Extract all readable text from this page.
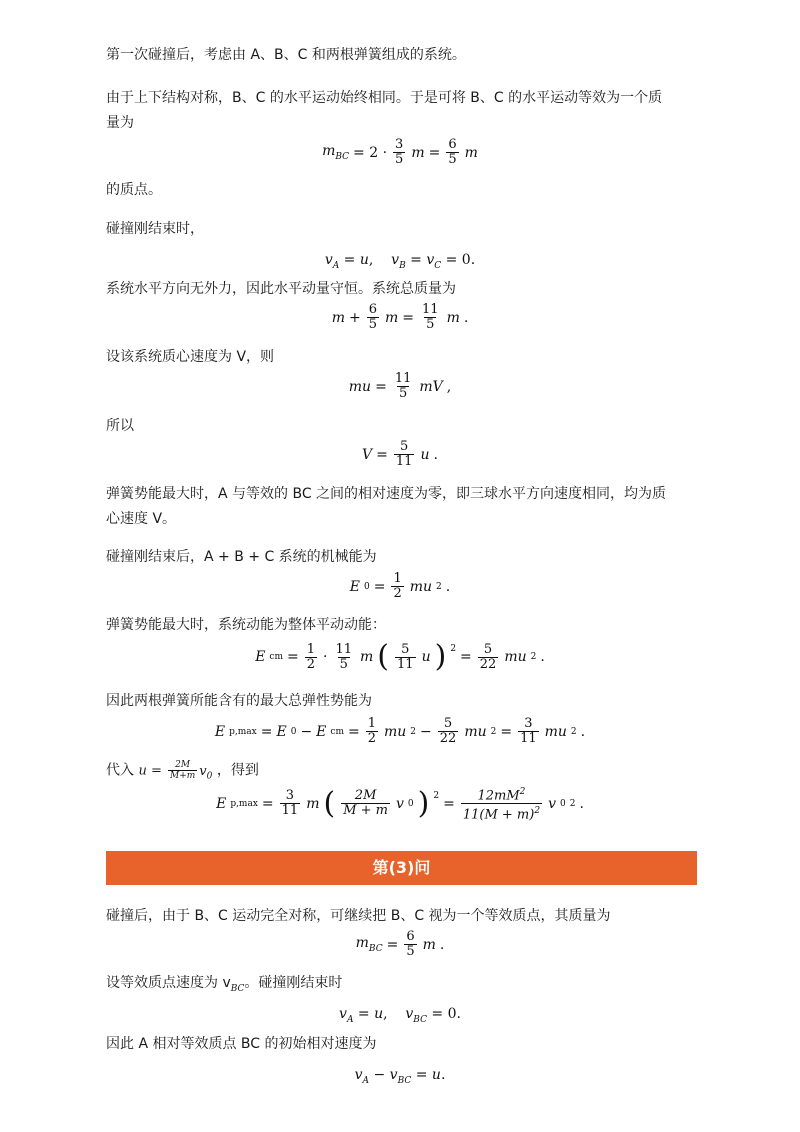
第一次碰撞后，考虑由 A、B、C 和两根弹簧组成的系统。
由于上下结构对称，B、C 的水平运动始终相同。于是可将 B、C 的水平运动等效为一个质
量为
$m_{BC} = 2 \cdot \frac{3}{5}$ $m = \frac{6}{5}$ m
的质点。
碰撞刚结束时，
$v_A = u$,    $v_B = v_C = 0$.
系统水平方向无外力，因此水平动量守恒。系统总质量为
$m + \frac{6}{5}$ $m = \frac{11}{5}$ m .
设该系统质心速度为 V，则
mu = $\frac{11}{5}$ mV ,
所以
$V = \frac{5}{11}$ u .
弹簧势能最大时，A 与等效的 BC 之间的相对速度为零，即三球水平方向速度相同，均为质
心速度 V。
碰撞刚结束后，A + B + C 系统的机械能为
E $0 = \frac{1}{2}$ mu 2 .
弹簧势能最大时，系统动能为整体平动动能：
E cm = $\frac{1}{2} \cdot \frac{11}{5}$ m ( $\frac{5}{11}$ u ) $^2 = \frac{5}{22}$ mu 2 .
因此两根弹簧所能含有的最大总弹性势能为
E p,max = E 0 − E cm = $\frac{1}{2}$ mu $2 - \frac{5}{22}$ mu $2 = \frac{3}{11}$ mu 2 .
代入 $u = \frac{2M}{M+m} v_0$ ，得到
E $p,\max = \frac{3}{11}$ m ( $\frac{2M}{M + m}$ v 0 ) $^2 = \frac{12mM^2}{11(M + m)^2}$ v 0 2 .
第(3)问
碰撞后，由于 B、C 运动完全对称，可继续把 B、C 视为一个等效质点，其质量为
$m_{BC} = \frac{6}{5}$ m .
设等效质点速度为 $v_{BC}$。碰撞刚结束时
$v_A = u$,    $v_{BC} = 0$.
因此 A 相对等效质点 BC 的初始相对速度为
$v_A - v_{BC} = u$.
